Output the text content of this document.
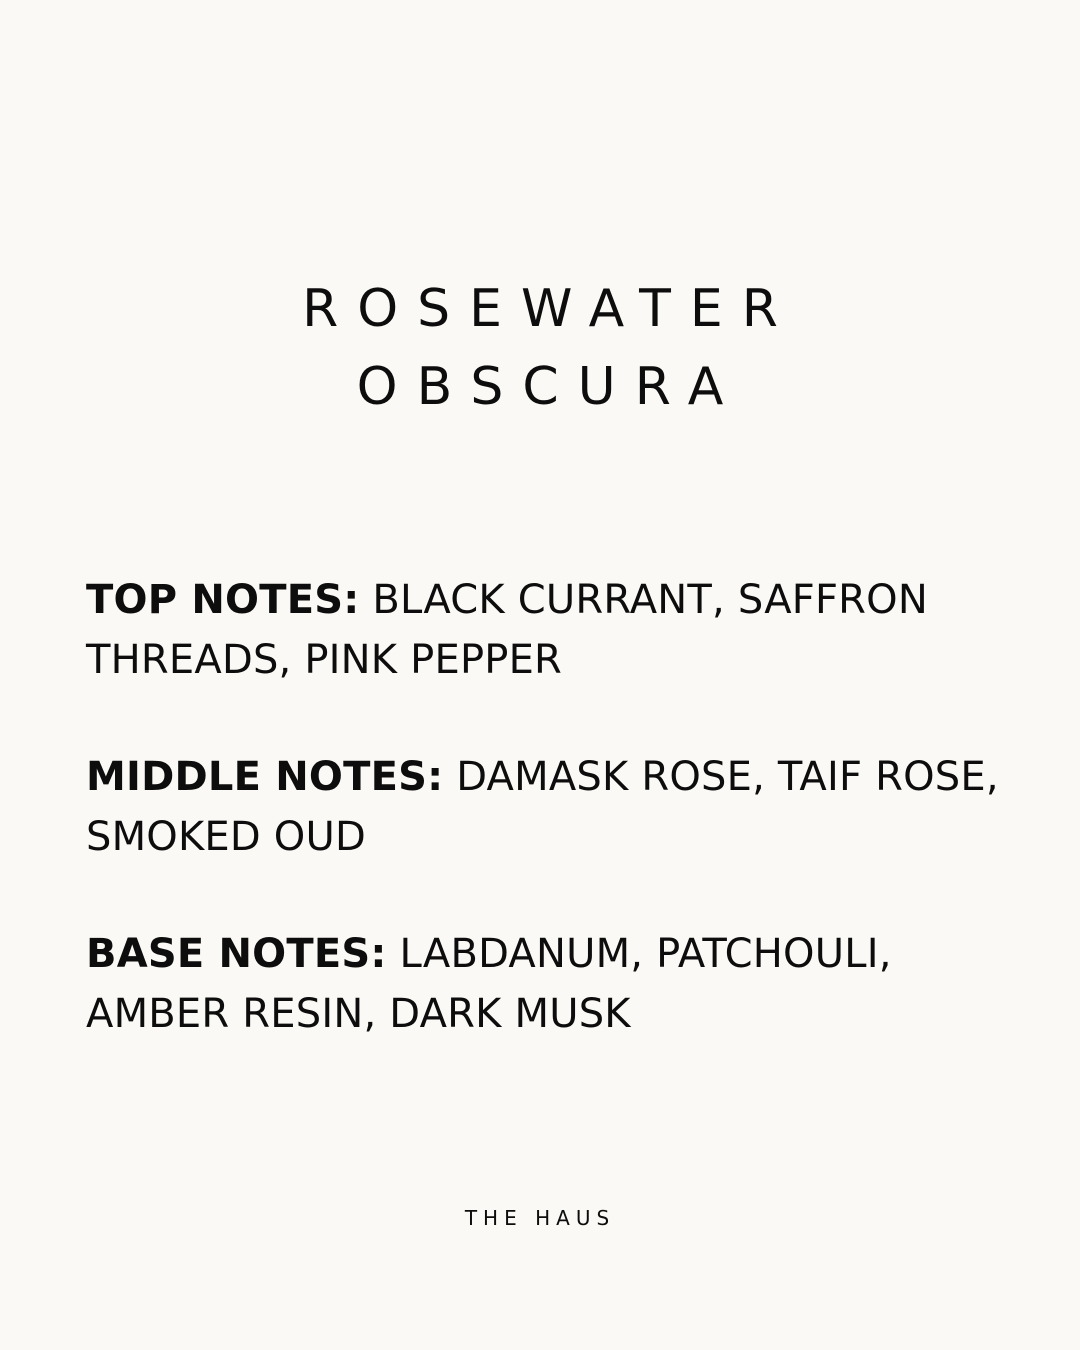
ROSEWATER
OBSCURA

TOP NOTES: BLACK CURRANT, SAFFRON THREADS, PINK PEPPER

MIDDLE NOTES: DAMASK ROSE, TAIF ROSE, SMOKED OUD

BASE NOTES: LABDANUM, PATCHOULI, AMBER RESIN, DARK MUSK

THE HAUS
